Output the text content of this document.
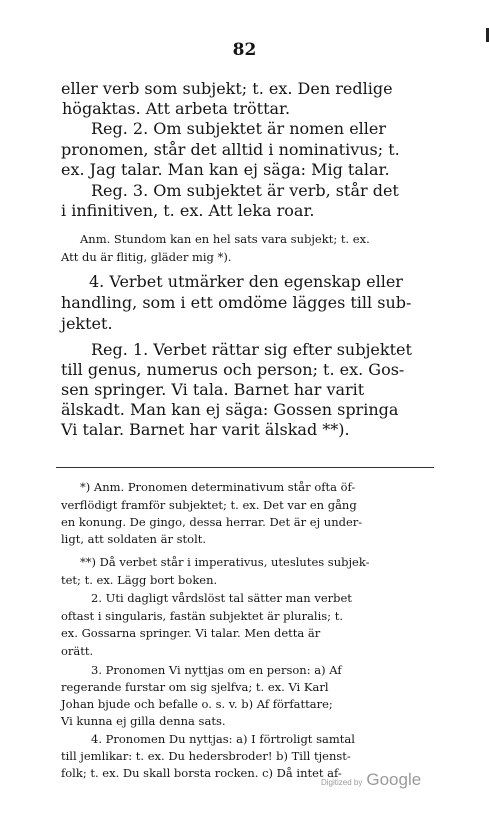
82
eller verb som subjekt; t. ex. Den redlige
högaktas. Att arbeta tröttar.
Reg. 2. Om subjektet är nomen eller
pronomen, står det alltid i nominativus; t.
ex. Jag talar. Man kan ej säga: Mig talar.
Reg. 3. Om subjektet är verb, står det
i infinitiven, t. ex. Att leka roar.
Anm. Stundom kan en hel sats vara subjekt; t. ex.
Att du är flitig, gläder mig *).
4. Verbet utmärker den egenskap eller
handling, som i ett omdöme lägges till sub-
jektet.
Reg. 1. Verbet rättar sig efter subjektet
till genus, numerus och person; t. ex. Gos-
sen springer. Vi tala. Barnet har varit
älskadt. Man kan ej säga: Gossen springa
Vi talar. Barnet har varit älskad **).
*) Anm. Pronomen determinativum står ofta öf-
verflödigt framför subjektet; t. ex. Det var en gång
en konung. De gingo, dessa herrar. Det är ej under-
ligt, att soldaten är stolt.
**) Då verbet står i imperativus, uteslutes subjek-
tet; t. ex. Lägg bort boken.
2. Uti dagligt vårdslöst tal sätter man verbet
oftast i singularis, fastän subjektet är pluralis; t.
ex. Gossarna springer. Vi talar. Men detta är
orätt.
3. Pronomen Vi nyttjas om en person: a) Af
regerande furstar om sig sjelfva; t. ex. Vi Karl
Johan bjude och befalle o. s. v. b) Af författare;
Vi kunna ej gilla denna sats.
4. Pronomen Du nyttjas: a) I förtroligt samtal
till jemlikar: t. ex. Du hedersbroder! b) Till tjenst-
folk; t. ex. Du skall borsta rocken. c) Då intet af-
Digitized by Google
